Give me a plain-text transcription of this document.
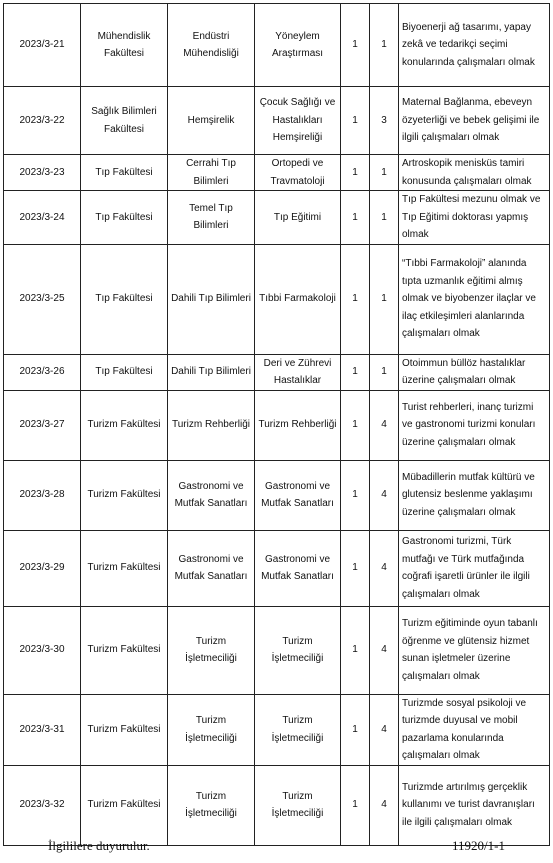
2023/3-21	Mühendislik Fakültesi	Endüstri Mühendisliği	Yöneylem Araştırması	1	1	Biyoenerji ağ tasarımı, yapay zekâ ve tedarikçi seçimi konularında çalışmaları olmak
2023/3-22	Sağlık Bilimleri Fakültesi	Hemşirelik	Çocuk Sağlığı ve Hastalıkları Hemşireliği	1	3	Maternal Bağlanma, ebeveyn özyeterliği ve bebek gelişimi ile ilgili çalışmaları olmak
2023/3-23	Tıp Fakültesi	Cerrahi Tıp Bilimleri	Ortopedi ve Travmatoloji	1	1	Artroskopik menisküs tamiri konusunda çalışmaları olmak
2023/3-24	Tıp Fakültesi	Temel Tıp Bilimleri	Tıp Eğitimi	1	1	Tıp Fakültesi mezunu olmak ve Tıp Eğitimi doktorası yapmış olmak
2023/3-25	Tıp Fakültesi	Dahili Tıp Bilimleri	Tıbbi Farmakoloji	1	1	“Tıbbi Farmakoloji” alanında tıpta uzmanlık eğitimi almış olmak ve biyobenzer ilaçlar ve ilaç etkileşimleri alanlarında çalışmaları olmak
2023/3-26	Tıp Fakültesi	Dahili Tıp Bilimleri	Deri ve Zührevi Hastalıklar	1	1	Otoimmun büllöz hastalıklar üzerine çalışmaları olmak
2023/3-27	Turizm Fakültesi	Turizm Rehberliği	Turizm Rehberliği	1	4	Turist rehberleri, inanç turizmi ve gastronomi turizmi konuları üzerine çalışmaları olmak
2023/3-28	Turizm Fakültesi	Gastronomi ve Mutfak Sanatları	Gastronomi ve Mutfak Sanatları	1	4	Mübadillerin mutfak kültürü ve glutensiz beslenme yaklaşımı üzerine çalışmaları olmak
2023/3-29	Turizm Fakültesi	Gastronomi ve Mutfak Sanatları	Gastronomi ve Mutfak Sanatları	1	4	Gastronomi turizmi, Türk mutfağı ve Türk mutfağında coğrafi işaretli ürünler ile ilgili çalışmaları olmak
2023/3-30	Turizm Fakültesi	Turizm İşletmeciliği	Turizm İşletmeciliği	1	4	Turizm eğitiminde oyun tabanlı öğrenme ve glütensiz hizmet sunan işletmeler üzerine çalışmaları olmak
2023/3-31	Turizm Fakültesi	Turizm İşletmeciliği	Turizm İşletmeciliği	1	4	Turizmde sosyal psikoloji ve turizmde duyusal ve mobil pazarlama konularında çalışmaları olmak
2023/3-32	Turizm Fakültesi	Turizm İşletmeciliği	Turizm İşletmeciliği	1	4	Turizmde artırılmış gerçeklik kullanımı ve turist davranışları ile ilgili çalışmaları olmak
İlgililere duyurulur.	11920/1-1
